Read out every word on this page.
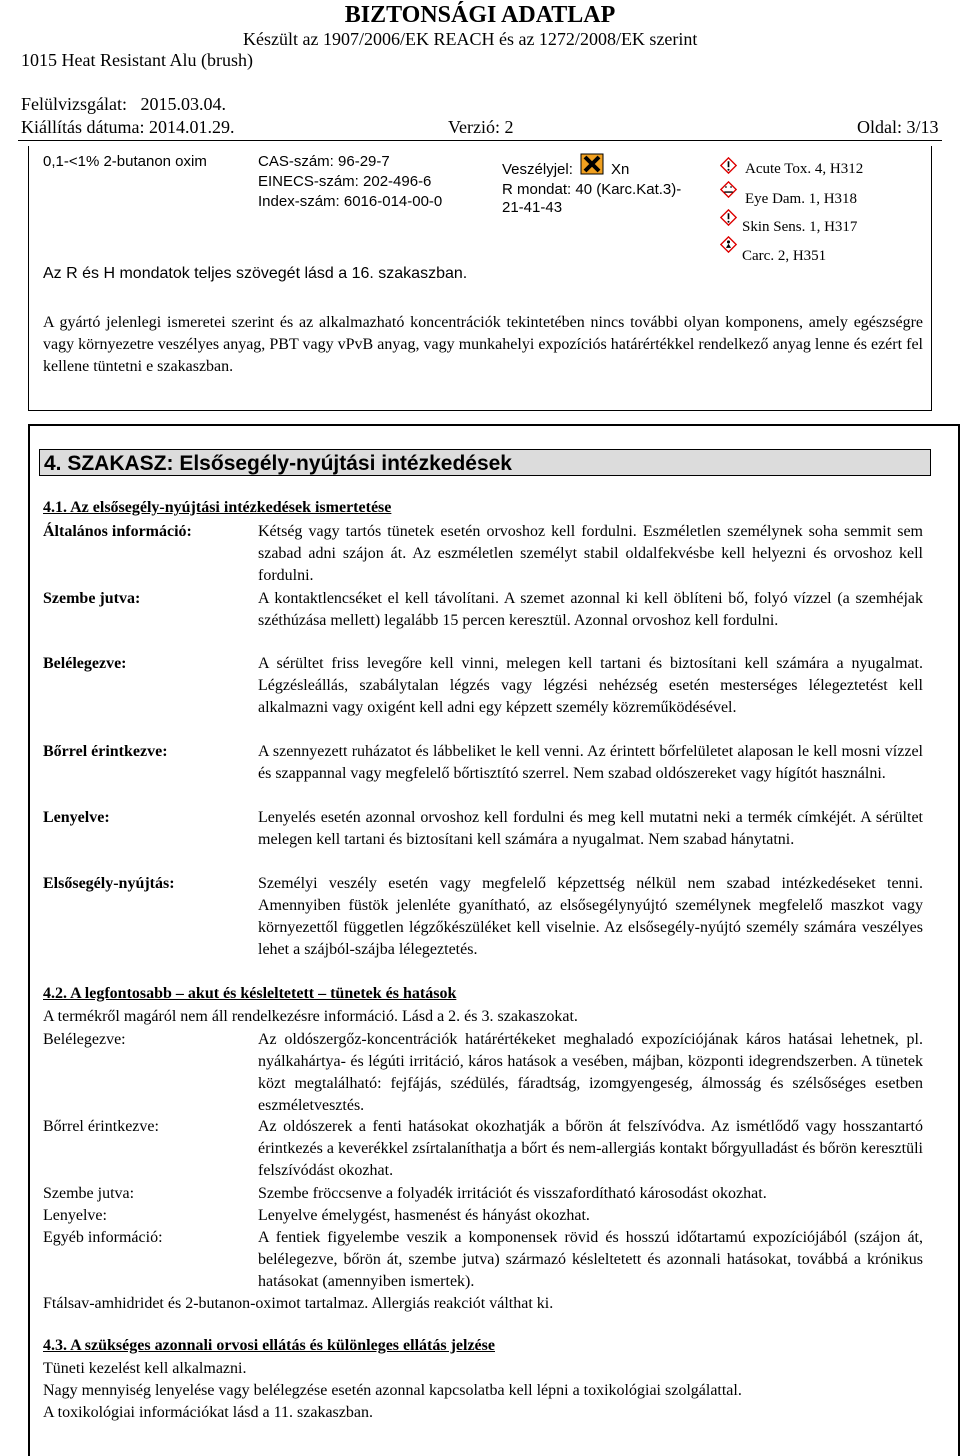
BIZTONSÁGI ADATLAP
Készült az 1907/2006/EK REACH és az 1272/2008/EK szerint
1015 Heat Resistant Alu (brush)
Felülvizsgálat:   2015.03.04.
Kiállítás dátuma: 2014.01.29.	Verzió: 2	Oldal: 3/13
0,1-<1% 2-butanon oxim	CAS-szám: 96-29-7
EINECS-szám: 202-496-6
Index-szám: 6016-014-00-0
Veszélyjel:	Xn
R mondat: 40 (Karc.Kat.3)-
21-41-43
Acute Tox. 4, H312
Eye Dam. 1, H318
Skin Sens. 1, H317
Carc. 2, H351
Az R és H mondatok teljes szövegét lásd a 16. szakaszban.
A gyártó jelenlegi ismeretei szerint és az alkalmazható koncentrációk tekintetében nincs további olyan komponens, amely egészségre vagy környezetre veszélyes anyag, PBT vagy vPvB anyag, vagy munkahelyi expozíciós határértékkel rendelkező anyag lenne és ezért fel kellene tüntetni e szakaszban.
4. SZAKASZ: Elsősegély-nyújtási intézkedések
4.1. Az elsősegély-nyújtási intézkedések ismertetése
Általános információ:	Kétség vagy tartós tünetek esetén orvoshoz kell fordulni. Eszméletlen személynek soha semmit sem szabad adni szájon át. Az eszméletlen személyt stabil oldalfekvésbe kell helyezni és orvoshoz kell fordulni.
Szembe jutva:	A kontaktlencséket el kell távolítani. A szemet azonnal ki kell öblíteni bő, folyó vízzel (a szemhéjak széthúzása mellett) legalább 15 percen keresztül. Azonnal orvoshoz kell fordulni.
Belélegezve:	A sérültet friss levegőre kell vinni, melegen kell tartani és biztosítani kell számára a nyugalmat. Légzésleállás, szabálytalan légzés vagy légzési nehézség esetén mesterséges lélegeztetést kell alkalmazni vagy oxigént kell adni egy képzett személy közreműködésével.
Bőrrel érintkezve:	A szennyezett ruházatot és lábbeliket le kell venni. Az érintett bőrfelületet alaposan le kell mosni vízzel és szappannal vagy megfelelő bőrtisztító szerrel. Nem szabad oldószereket vagy hígítót használni.
Lenyelve:	Lenyelés esetén azonnal orvoshoz kell fordulni és meg kell mutatni neki a termék címkéjét. A sérültet melegen kell tartani és biztosítani kell számára a nyugalmat. Nem szabad hánytatni.
Elsősegély-nyújtás:	Személyi veszély esetén vagy megfelelő képzettség nélkül nem szabad intézkedéseket tenni. Amennyiben füstök jelenléte gyanítható, az elsősegélynyújtó személynek megfelelő maszkot vagy környezettől független légzőkészüléket kell viselnie. Az elsősegély-nyújtó személy számára veszélyes lehet a szájból-szájba lélegeztetés.
4.2. A legfontosabb – akut és késleltetett – tünetek és hatások
A termékről magáról nem áll rendelkezésre információ. Lásd a 2. és 3. szakaszokat.
Belélegezve:	Az oldószergőz-koncentrációk határértékeket meghaladó expozíciójának káros hatásai lehetnek, pl. nyálkahártya- és légúti irritáció, káros hatások a vesében, májban, központi idegrendszerben. A tünetek közt megtalálható: fejfájás, szédülés, fáradtság, izomgyengeség, álmosság és szélsőséges esetben eszméletvesztés.
Bőrrel érintkezve:	Az oldószerek a fenti hatásokat okozhatják a bőrön át felszívódva. Az ismétlődő vagy hosszantartó érintkezés a keverékkel zsírtalaníthatja a bőrt és nem-allergiás kontakt bőrgyulladást és bőrön keresztüli felszívódást okozhat.
Szembe jutva:	Szembe fröccsenve a folyadék irritációt és visszafordítható károsodást okozhat.
Lenyelve:	Lenyelve émelygést, hasmenést és hányást okozhat.
Egyéb információ:	A fentiek figyelembe veszik a komponensek rövid és hosszú időtartamú expozíciójából (szájon át, belélegezve, bőrön át, szembe jutva) származó késleltetett és azonnali hatásokat, továbbá a krónikus hatásokat (amennyiben ismertek).
Ftálsav-amhidridet és 2-butanon-oximot tartalmaz. Allergiás reakciót válthat ki.
4.3. A szükséges azonnali orvosi ellátás és különleges ellátás jelzése
Tüneti kezelést kell alkalmazni.
Nagy mennyiség lenyelése vagy belélegzése esetén azonnal kapcsolatba kell lépni a toxikológiai szolgálattal.
A toxikológiai információkat lásd a 11. szakaszban.
